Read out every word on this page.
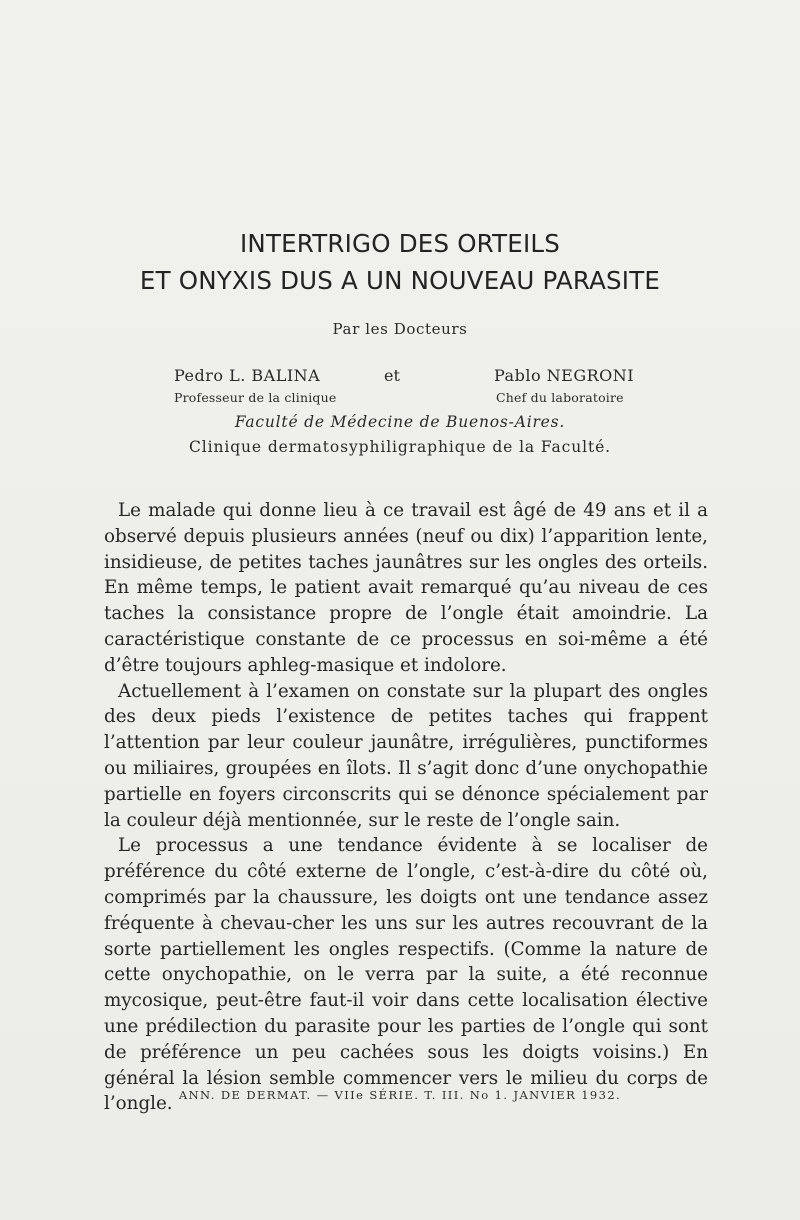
INTERTRIGO DES ORTEILS
ET ONYXIS DUS A UN NOUVEAU PARASITE
Par les Docteurs
Pedro L. BALINA	et	Pablo NEGRONI
Professeur de la clinique	Chef du laboratoire
Faculté de Médecine de Buenos-Aires.
Clinique dermatosyphiligraphique de la Faculté.

Le malade qui donne lieu à ce travail est âgé de 49 ans et il a observé depuis plusieurs années (neuf ou dix) l’apparition lente, insidieuse, de petites taches jaunâtres sur les ongles des orteils. En même temps, le patient avait remarqué qu’au niveau de ces taches la consistance propre de l’ongle était amoindrie. La caractéristique constante de ce processus en soi-même a été d’être toujours aphleg-masique et indolore.

Actuellement à l’examen on constate sur la plupart des ongles des deux pieds l’existence de petites taches qui frappent l’attention par leur couleur jaunâtre, irrégulières, punctiformes ou miliaires, groupées en îlots. Il s’agit donc d’une onychopathie partielle en foyers circonscrits qui se dénonce spécialement par la couleur déjà mentionnée, sur le reste de l’ongle sain.

Le processus a une tendance évidente à se localiser de préférence du côté externe de l’ongle, c’est-à-dire du côté où, comprimés par la chaussure, les doigts ont une tendance assez fréquente à chevau-cher les uns sur les autres recouvrant de la sorte partiellement les ongles respectifs. (Comme la nature de cette onychopathie, on le verra par la suite, a été reconnue mycosique, peut-être faut-il voir dans cette localisation élective une prédilection du parasite pour les parties de l’ongle qui sont de préférence un peu cachées sous les doigts voisins.) En général la lésion semble commencer vers le milieu du corps de l’ongle. ANN. DE DERMAT. — VIIe SÉRIE. T. III. No 1. JANVIER 1932.
